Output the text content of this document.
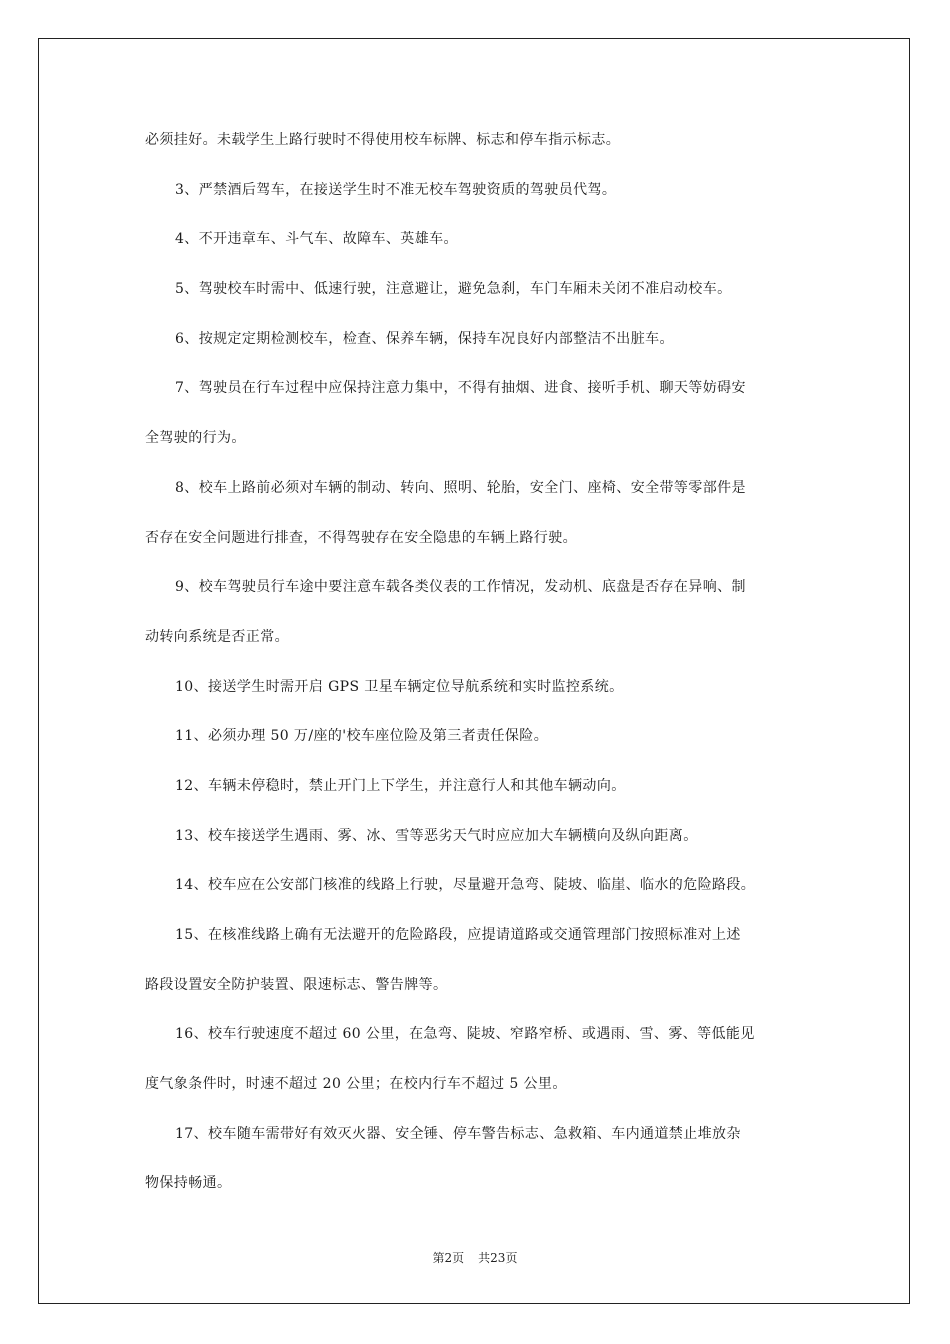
必须挂好。未载学生上路行驶时不得使用校车标牌、标志和停车指示标志。
3、严禁酒后驾车，在接送学生时不准无校车驾驶资质的驾驶员代驾。
4、不开违章车、斗气车、故障车、英雄车。
5、驾驶校车时需中、低速行驶，注意避让，避免急刹，车门车厢未关闭不准启动校车。
6、按规定定期检测校车，检查、保养车辆，保持车况良好内部整洁不出脏车。
7、驾驶员在行车过程中应保持注意力集中，不得有抽烟、进食、接听手机、聊天等妨碍安
全驾驶的行为。
8、校车上路前必须对车辆的制动、转向、照明、轮胎，安全门、座椅、安全带等零部件是
否存在安全问题进行排查，不得驾驶存在安全隐患的车辆上路行驶。
9、校车驾驶员行车途中要注意车载各类仪表的工作情况，发动机、底盘是否存在异响、制
动转向系统是否正常。
10、接送学生时需开启 GPS 卫星车辆定位导航系统和实时监控系统。
11、必须办理 50 万/座的'校车座位险及第三者责任保险。
12、车辆未停稳时，禁止开门上下学生，并注意行人和其他车辆动向。
13、校车接送学生遇雨、雾、冰、雪等恶劣天气时应应加大车辆横向及纵向距离。
14、校车应在公安部门核准的线路上行驶，尽量避开急弯、陡坡、临崖、临水的危险路段。
15、在核准线路上确有无法避开的危险路段，应提请道路或交通管理部门按照标准对上述
路段设置安全防护装置、限速标志、警告牌等。
16、校车行驶速度不超过 60 公里，在急弯、陡坡、窄路窄桥、或遇雨、雪、雾、等低能见
度气象条件时，时速不超过 20 公里；在校内行车不超过 5 公里。
17、校车随车需带好有效灭火器、安全锤、停车警告标志、急救箱、车内通道禁止堆放杂
物保持畅通。
第2页 共23页
